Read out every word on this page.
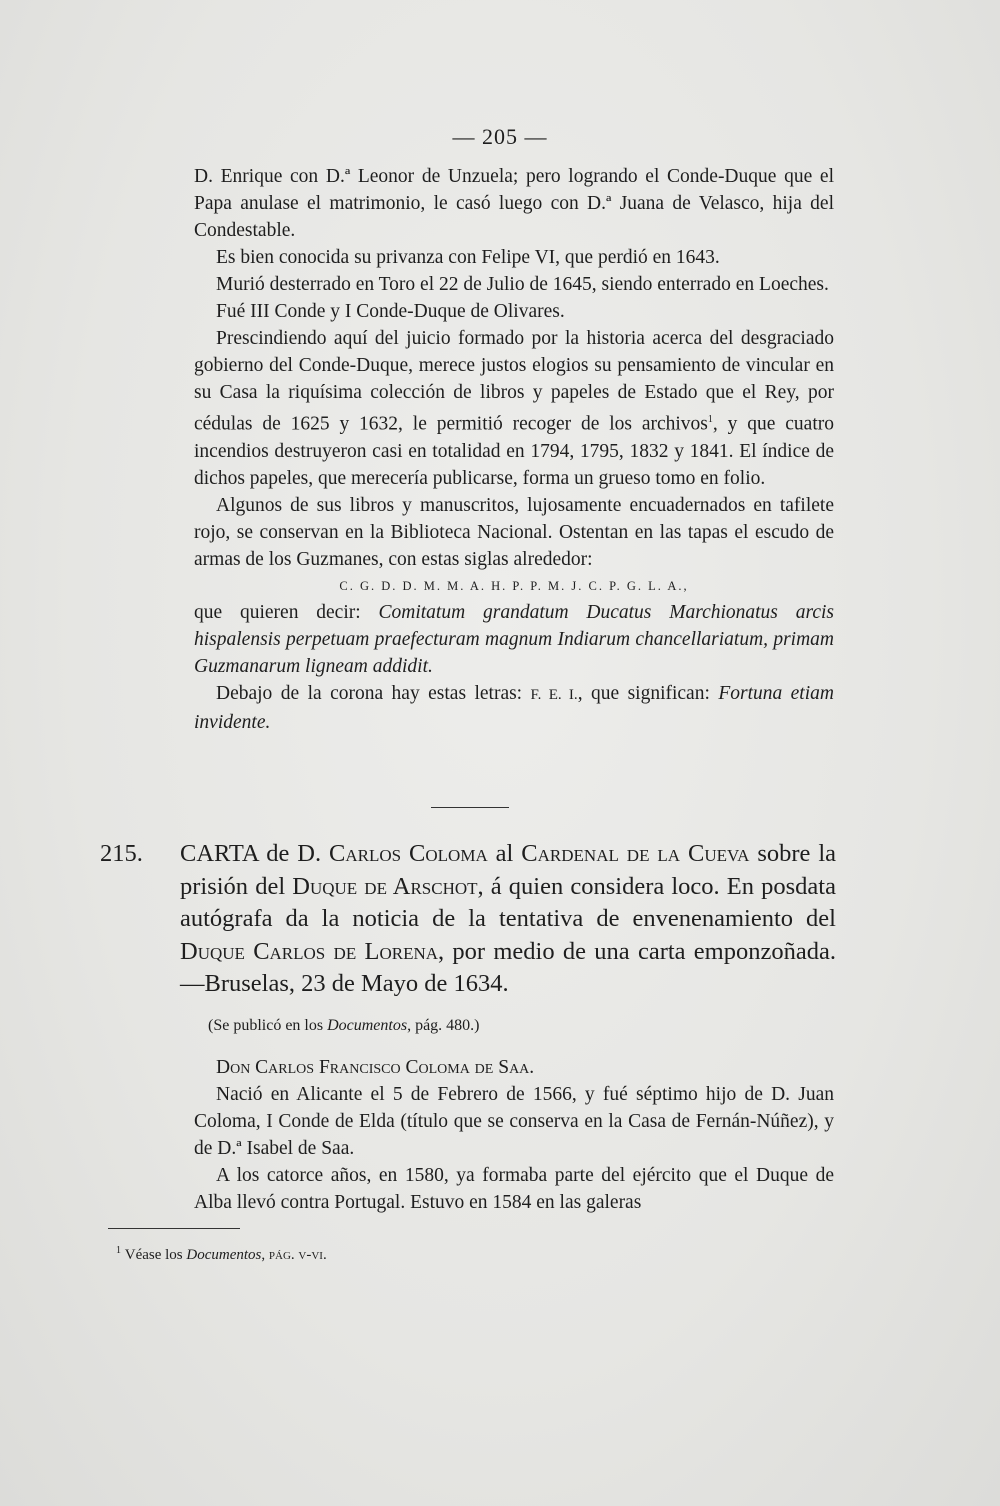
— 205 —

D. Enrique con D.ª Leonor de Unzuela; pero logrando el Conde-Duque que el Papa anulase el matrimonio, le casó luego con D.ª Juana de Velasco, hija del Condestable.

Es bien conocida su privanza con Felipe VI, que perdió en 1643.

Murió desterrado en Toro el 22 de Julio de 1645, siendo enterrado en Loeches.

Fué III Conde y I Conde-Duque de Olivares.

Prescindiendo aquí del juicio formado por la historia acerca del desgraciado gobierno del Conde-Duque, merece justos elogios su pensamiento de vincular en su Casa la riquísima colección de libros y papeles de Estado que el Rey, por cédulas de 1625 y 1632, le permitió recoger de los archivos$^1$, y que cuatro incendios destruyeron casi en totalidad en 1794, 1795, 1832 y 1841. El índice de dichos papeles, que merecería publicarse, forma un grueso tomo en folio.

Algunos de sus libros y manuscritos, lujosamente encuadernados en tafilete rojo, se conservan en la Biblioteca Nacional. Ostentan en las tapas el escudo de armas de los Guzmanes, con estas siglas alrededor:

C. G. D. D. M. M. A. H. P. P. M. J. C. P. G. L. A.,

que quieren decir: Comitatum grandatum Ducatus Marchionatus arcis hispalensis perpetuam praefecturam magnum Indiarum chancellariatum, primam Guzmanarum ligneam addidit.

Debajo de la corona hay estas letras: F. E. I., que significan: Fortuna etiam invidente.

215.	CARTA de D. Carlos Coloma al Cardenal de la Cueva sobre la prisión del Duque de Arschot, á quien considera loco. En posdata autógrafa da la noticia de la tentativa de envenenamiento del Duque Carlos de Lorena, por medio de una carta emponzoñada.—Bruselas, 23 de Mayo de 1634.
(Se publicó en los Documentos, pág. 480.)

Don Carlos Francisco Coloma de Saa.

Nació en Alicante el 5 de Febrero de 1566, y fué séptimo hijo de D. Juan Coloma, I Conde de Elda (título que se conserva en la Casa de Fernán-Núñez), y de D.ª Isabel de Saa.

A los catorce años, en 1580, ya formaba parte del ejército que el Duque de Alba llevó contra Portugal. Estuvo en 1584 en las galeras

$^1$ Véase los Documentos, pág. v-vi.
